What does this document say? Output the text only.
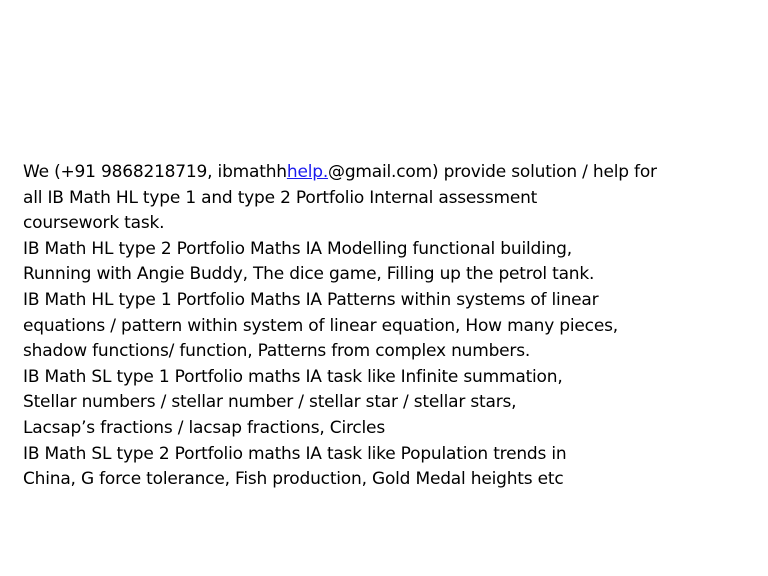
We (+91 9868218719, ibmathhhelp.@gmail.com) provide solution / help for
all IB Math HL type 1 and type 2 Portfolio Internal assessment
coursework task.
IB Math HL type 2 Portfolio Maths IA Modelling functional building,
Running with Angie Buddy, The dice game, Filling up the petrol tank.
IB Math HL type 1 Portfolio Maths IA Patterns within systems of linear
equations / pattern within system of linear equation, How many pieces,
shadow functions/ function, Patterns from complex numbers.
IB Math SL type 1 Portfolio maths IA task like Infinite summation,
Stellar numbers / stellar number / stellar star / stellar stars,
Lacsap’s fractions / lacsap fractions, Circles
IB Math SL type 2 Portfolio maths IA task like Population trends in
China, G force tolerance, Fish production, Gold Medal heights etc
